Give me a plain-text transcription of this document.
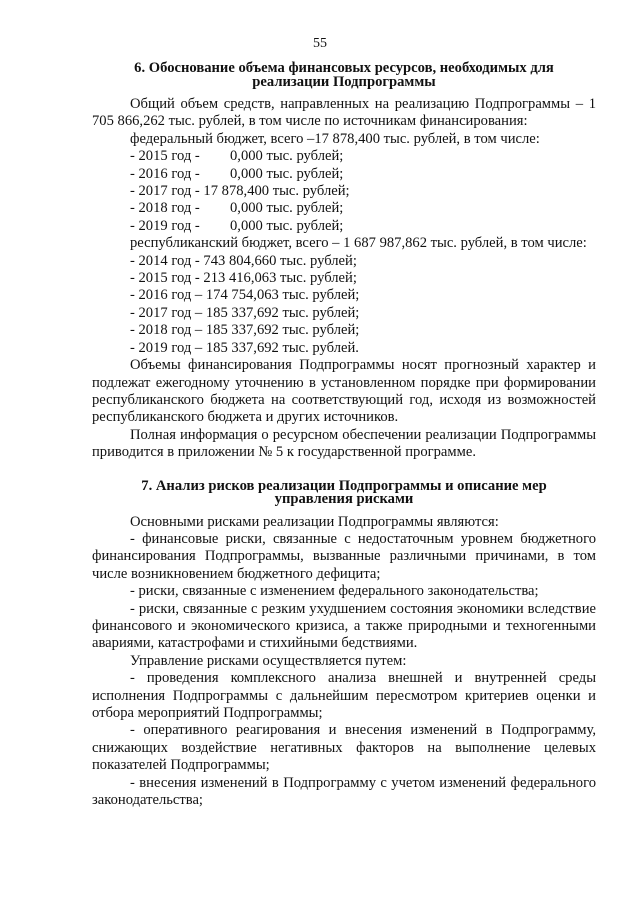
55
6. Обоснование объема финансовых ресурсов, необходимых для
реализации Подпрограммы

Общий объем средств, направленных на реализацию Подпрограммы – 1 705 866,262 тыс. рублей, в том числе по источникам финансирования:

федеральный бюджет, всего –17 878,400 тыс. рублей, в том числе:

- 2015 год - 0,000 тыс. рублей;

- 2016 год - 0,000 тыс. рублей;

- 2017 год - 17 878,400 тыс. рублей;

- 2018 год - 0,000 тыс. рублей;

- 2019 год - 0,000 тыс. рублей;

республиканский бюджет, всего – 1 687 987,862 тыс. рублей, в том числе:

- 2014 год - 743 804,660 тыс. рублей;

- 2015 год - 213 416,063 тыс. рублей;

- 2016 год – 174 754,063 тыс. рублей;

- 2017 год – 185 337,692 тыс. рублей;

- 2018 год – 185 337,692 тыс. рублей;

- 2019 год – 185 337,692 тыс. рублей.

Объемы финансирования Подпрограммы носят прогнозный характер и подлежат ежегодному уточнению в установленном порядке при формировании республиканского бюджета на соответствующий год, исходя из возможностей республиканского бюджета и других источников.

Полная информация о ресурсном обеспечении реализации Подпрограммы приводится в приложении № 5 к государственной программе.

7. Анализ рисков реализации Подпрограммы и описание мер
управления рисками

Основными рисками реализации Подпрограммы являются:

- финансовые риски, связанные с недостаточным уровнем бюджетного финансирования Подпрограммы, вызванные различными причинами, в том числе возникновением бюджетного дефицита;

- риски, связанные с изменением федерального законодательства;

- риски, связанные с резким ухудшением состояния экономики вследствие финансового и экономического кризиса, а также природными и техногенными авариями, катастрофами и стихийными бедствиями.

Управление рисками осуществляется путем:

- проведения комплексного анализа внешней и внутренней среды исполнения Подпрограммы с дальнейшим пересмотром критериев оценки и отбора мероприятий Подпрограммы;

- оперативного реагирования и внесения изменений в Подпрограмму, снижающих воздействие негативных факторов на выполнение целевых показателей Подпрограммы;

- внесения изменений в Подпрограмму с учетом изменений федерального законодательства;
